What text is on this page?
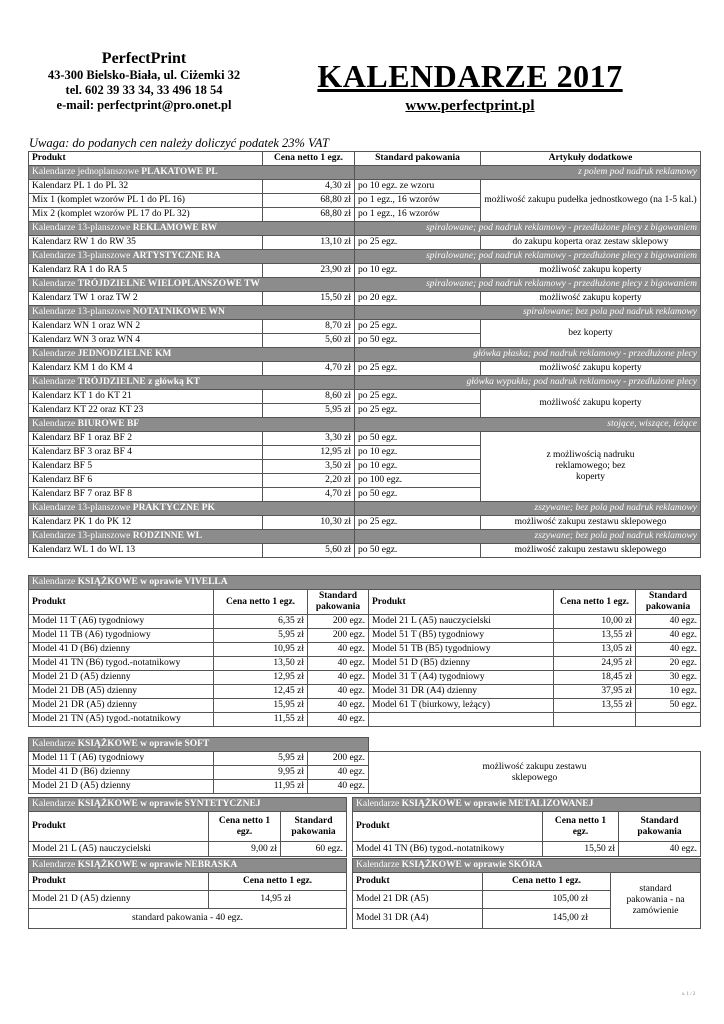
PerfectPrint
43-300 Bielsko-Biała, ul. Ciżemki 32
tel. 602 39 33 34, 33 496 18 54
e-mail: perfectprint@pro.onet.pl
KALENDARZE 2017
www.perfectprint.pl
Uwaga: do podanych cen należy doliczyć podatek 23% VAT
Produkt	Cena netto 1 egz.	Standard pakowania	Artykuły dodatkowe
Kalendarze jednoplanszowe PLAKATOWE PL		z polem pod nadruk reklamowy	
Kalendarz PL 1 do PL 32	4,30 zł	po 10 egz. ze wzoru	możliwość zakupu pudełka jednostkowego (na 1-5 kal.)
Mix 1 (komplet wzorów PL 1 do PL 16)	68,80 zł	po 1 egz., 16 wzorów	
Mix 2 (komplet wzorów PL 17 do PL 32)	68,80 zł	po 1 egz., 16 wzorów	
Kalendarze 13-planszowe REKLAMOWE RW		spiralowane; pod nadruk reklamowy - przedłużone plecy z bigowaniem	
Kalendarz RW 1 do RW 35	13,10 zł	po 25 egz.	do zakupu koperta oraz zestaw sklepowy
Kalendarze 13-planszowe ARTYSTYCZNE RA		spiralowane; pod nadruk reklamowy - przedłużone plecy z bigowaniem	
Kalendarz RA 1 do RA 5	23,90 zł	po 10 egz.	możliwość zakupu koperty
Kalendarze TRÓJDZIELNE WIELOPLANSZOWE TW		spiralowane; pod nadruk reklamowy - przedłużone plecy z bigowaniem	
Kalendarz TW 1 oraz TW 2	15,50 zł	po 20 egz.	możliwość zakupu koperty
Kalendarze 13-planszowe NOTATNIKOWE WN		spiralowane; bez pola pod nadruk reklamowy	
Kalendarz WN 1 oraz WN 2	8,70 zł	po 25 egz.	bez koperty
Kalendarz WN 3 oraz WN 4	5,60 zł	po 50 egz.	
Kalendarze JEDNODZIELNE KM		główka płaska; pod nadruk reklamowy - przedłużone plecy	
Kalendarz KM 1 do KM 4	4,70 zł	po 25 egz.	możliwość zakupu koperty
Kalendarze TRÓJDZIELNE z główką KT		główka wypukła; pod nadruk reklamowy - przedłużone plecy	
Kalendarz KT 1 do KT 21	8,60 zł	po 25 egz.	możliwość zakupu koperty
Kalendarz KT 22 oraz KT 23	5,95 zł	po 25 egz.	
Kalendarze BIUROWE BF		stojące, wiszące, leżące	
Kalendarz BF 1 oraz BF 2	3,30 zł	po 50 egz.	z możliwością nadruku reklamowego; bez koperty
Kalendarz BF 3 oraz BF 4	12,95 zł	po 10 egz.	
Kalendarz BF 5	3,50 zł	po 10 egz.	
Kalendarz BF 6	2,20 zł	po 100 egz.	
Kalendarz BF 7 oraz BF 8	4,70 zł	po 50 egz.	
Kalendarze 13-planszowe PRAKTYCZNE PK		zszywane; bez pola pod nadruk reklamowy	
Kalendarz PK 1 do PK 12	10,30 zł	po 25 egz.	możliwość zakupu zestawu sklepowego
Kalendarze 13-planszowe RODZINNE WL		zszywane; bez pola pod nadruk reklamowy	
Kalendarz WL 1 do WL 13	5,60 zł	po 50 egz.	możliwość zakupu zestawu sklepowego
Kalendarze KSIĄŻKOWE w oprawie VIVELLA					
Produkt	Cena netto 1 egz.	Standard pakowania	Produkt	Cena netto 1 egz.	Standard pakowania
Model 11 T (A6) tygodniowy	6,35 zł	200 egz.	Model 21 L (A5) nauczycielski	10,00 zł	40 egz.
Model 11 TB (A6) tygodniowy	5,95 zł	200 egz.	Model 51 T (B5) tygodniowy	13,55 zł	40 egz.
Model 41 D (B6) dzienny	10,95 zł	40 egz.	Model 51 TB (B5) tygodniowy	13,05 zł	40 egz.
Model 41 TN (B6) tygod.-notatnikowy	13,50 zł	40 egz.	Model 51 D (B5) dzienny	24,95 zł	20 egz.
Model 21 D (A5) dzienny	12,95 zł	40 egz.	Model 31 T (A4) tygodniowy	18,45 zł	30 egz.
Model 21 DB (A5) dzienny	12,45 zł	40 egz.	Model 31 DR (A4) dzienny	37,95 zł	10 egz.
Model 21 DR (A5) dzienny	15,95 zł	40 egz.	Model 61 T (biurkowy, leżący)	13,55 zł	50 egz.
Model 21 TN (A5) tygod.-notatnikowy	11,55 zł	40 egz.			
Kalendarze KSIĄŻKOWE w oprawie SOFT			
Model 11 T (A6) tygodniowy	5,95 zł	200 egz.	możliwość zakupu zestawu sklepowego
Model 41 D (B6) dzienny	9,95 zł	40 egz.	
Model 21 D (A5) dzienny	11,95 zł	40 egz.	
Kalendarze KSIĄŻKOWE w oprawie SYNTETYCZNEJ		
Produkt	Cena netto 1 egz.	Standard pakowania
Model 21 L (A5) nauczycielski	9,00 zł	60 egz.
Kalendarze KSIĄŻKOWE w oprawie METALIZOWANEJ		
Produkt	Cena netto 1 egz.	Standard pakowania
Model 41 TN (B6) tygod.-notatnikowy	15,50 zł	40 egz.
Kalendarze KSIĄŻKOWE w oprawie NEBRASKA	
Produkt	Cena netto 1 egz.
Model 21 D (A5) dzienny	14,95 zł
standard pakowania - 40 egz.	
Kalendarze KSIĄŻKOWE w oprawie SKÓRA		
Produkt	Cena netto 1 egz.	standard pakowania - na zamówienie
Model 21 DR (A5)	105,00 zł	
Model 31 DR (A4)	145,00 zł	
s. 1 / 2
